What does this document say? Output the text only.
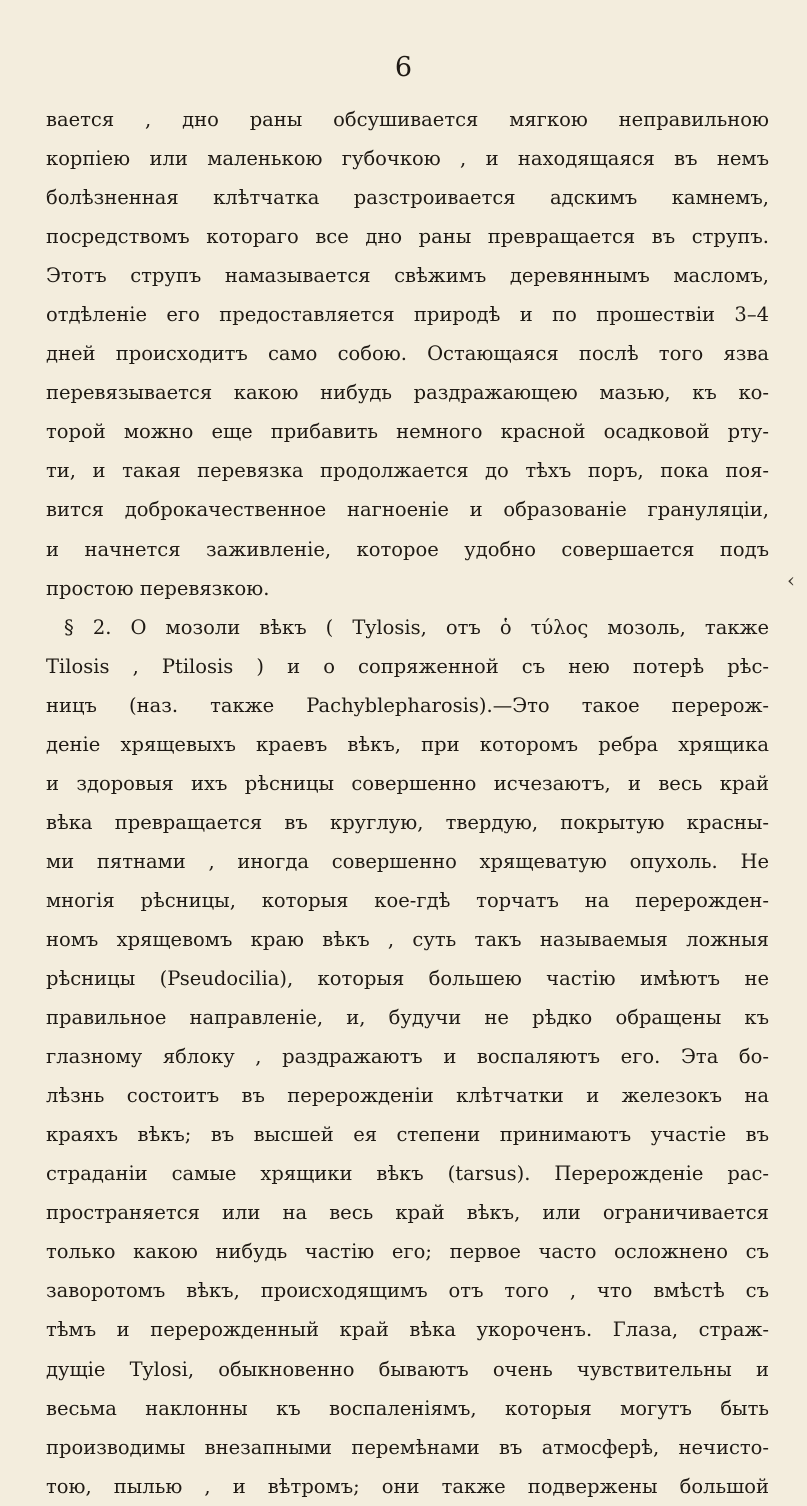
6
вается , дно раны обсушивается мягкою неправильною
корпiею или маленькою губочкою , и находящаяся въ немъ
болѣзненная клѣтчатка разстроивается адскимъ камнемъ,
посредствомъ котораго все дно раны превращается въ струпъ.
Этотъ струпъ намазывается свѣжимъ деревяннымъ масломъ,
отдѣленie его предоставляется природѣ и по прошествiи 3–4
дней происходитъ само собою. Остающаяся послѣ того язва
перевязывается какою нибудь раздражающею мазью, къ ко-
торой можно еще прибавить немного красной осадковой рту-
ти, и такая перевязка продолжается до тѣхъ поръ, пока поя-
вится доброкачественное нагноенie и образованie грануляцiи,
и начнется заживленie, которое удобно совершается подъ
простою перевязкою.
§ 2. О мозоли вѣкъ ( Tylosis, отъ ὁ τύλος мозоль, также
Tilosis , Ptilosis ) и о сопряженной съ нею потерѣ рѣс-
ницъ (наз. также Pachyblepharosis).—Это такое перерож-
денie хрящевыхъ краевъ вѣкъ, при которомъ ребра хрящика
и здоровыя ихъ рѣсницы совершенно исчезаютъ, и весь край
вѣка превращается въ круглую, твердую, покрытую красны-
ми пятнами , иногда совершенно хрящеватую опухоль. Не
многiя рѣсницы, которыя кое-гдѣ торчатъ на перерожден-
номъ хрящевомъ краю вѣкъ , суть такъ называемыя ложныя
рѣсницы (Pseudocilia), которыя большею частiю имѣютъ не
правильное направленie, и, будучи не рѣдко обращены къ
глазному яблоку , раздражаютъ и воспаляютъ его. Эта бо-
лѣзнь состоитъ въ перерожденiи клѣтчатки и железокъ на
краяхъ вѣкъ; въ высшей ея степени принимаютъ участie въ
страданiи самые хрящики вѣкъ (tarsus). Перерожденie рас-
пространяется или на весь край вѣкъ, или ограничивается
только какою нибудь частiю его; первое часто осложнено съ
заворотомъ вѣкъ, происходящимъ отъ того , что вмѣстѣ съ
тѣмъ и перерожденный край вѣка укороченъ. Глаза, страж-
дущie Tylosi, обыкновенно бываютъ очень чувствительны и
весьма наклонны къ воспаленiямъ, которыя могутъ быть
производимы внезапными перемѣнами въ атмосферѣ, нечисто-
тою, пылью , и вѣтромъ; они также подвержены большой
‹
